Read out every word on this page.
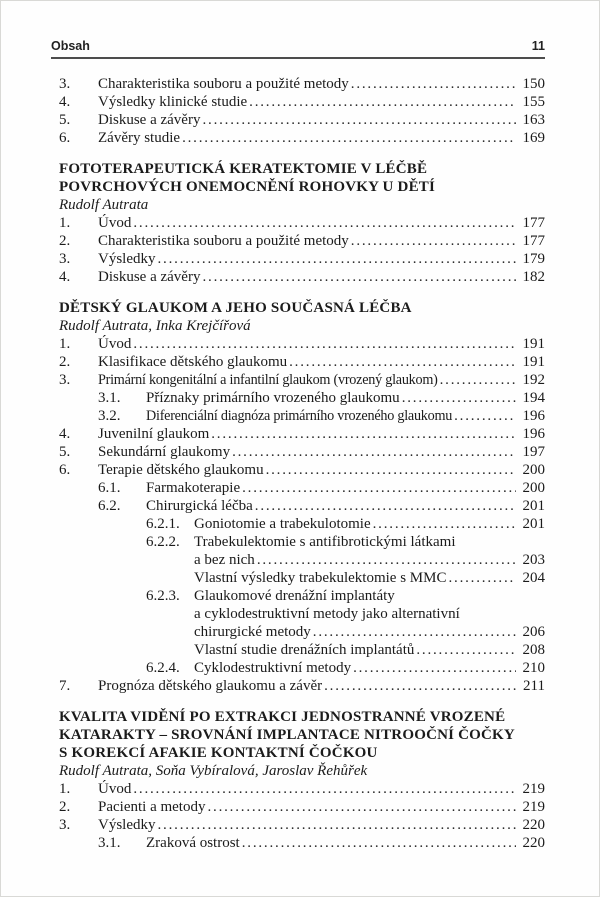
Obsah	11
3.	Charakteristika souboru a použité metody .....	150
4.	Výsledky klinické studie .....	155
5.	Diskuse a závěry .....	163
6.	Závěry studie .....	169
FOTOTERAPEUTICKÁ KERATEKTOMIE V LÉČBĚ
POVRCHOVÝCH ONEMOCNĚNÍ ROHOVKY U DĚTÍ

Rudolf Autrata

1.	Úvod .....	177
2.	Charakteristika souboru a použité metody .....	177
3.	Výsledky .....	179
4.	Diskuse a závěry .....	182
DĚTSKÝ GLAUKOM A JEHO SOUČASNÁ LÉČBA

Rudolf Autrata, Inka Krejčířová

1.	Úvod .....	191
2.	Klasifikace dětského glaukomu .....	191
3.	Primární kongenitální a infantilní glaukom (vrozený glaukom) .....	192
3.1.	Příznaky primárního vrozeného glaukomu .....	194
3.2.	Diferenciální diagnóza primárního vrozeného glaukomu .....	196
4.	Juvenilní glaukom .....	196
5.	Sekundární glaukomy .....	197
6.	Terapie dětského glaukomu .....	200
6.1.	Farmakoterapie .....	200
6.2.	Chirurgická léčba .....	201
6.2.1. Goniotomie a trabekulotomie .....	201
6.2.2. Trabekulektomie s antifibrotickými látkami
a bez nich .....	203
Vlastní výsledky trabekulektomie s MMC .....	204
6.2.3. Glaukomové drenážní implantáty
a cyklodestruktivní metody jako alternativní
chirurgické metody .....	206
Vlastní studie drenážních implantátů .....	208
6.2.4. Cyklodestruktivní metody .....	210
7.	Prognóza dětského glaukomu a závěr .....	211
KVALITA VIDĚNÍ PO EXTRAKCI JEDNOSTRANNÉ VROZENÉ
KATARAKTY – SROVNÁNÍ IMPLANTACE NITROOČNÍ ČOČKY
S KOREKCÍ AFAKIE KONTAKTNÍ ČOČKOU

Rudolf Autrata, Soňa Vybíralová, Jaroslav Řehůřek

1.	Úvod .....	219
2.	Pacienti a metody .....	219
3.	Výsledky .....	220
3.1.	Zraková ostrost .....	220
